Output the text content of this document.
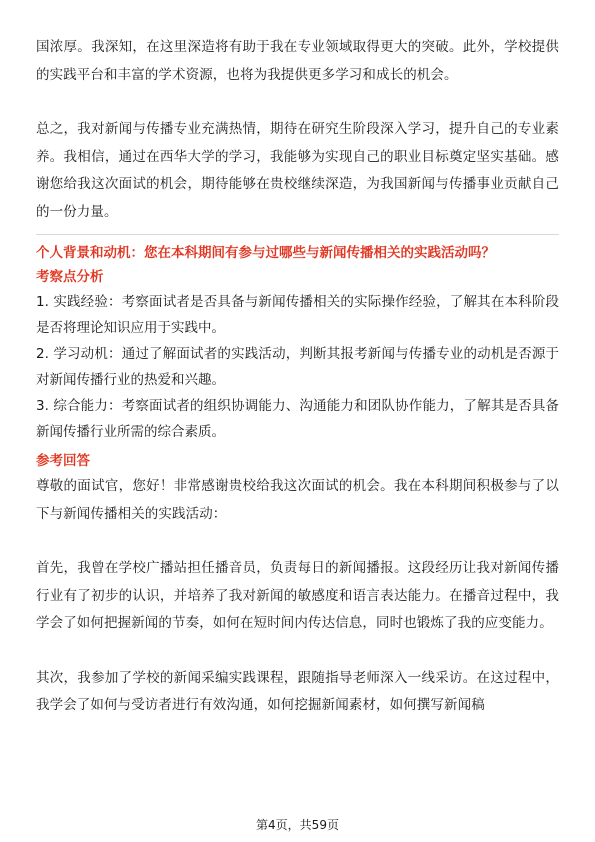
国浓厚。我深知，在这里深造将有助于我在专业领域取得更大的突破。此外，学校提供的实践平台和丰富的学术资源，也将为我提供更多学习和成长的机会。

总之，我对新闻与传播专业充满热情，期待在研究生阶段深入学习，提升自己的专业素养。我相信，通过在西华大学的学习，我能够为实现自己的职业目标奠定坚实基础。感谢您给我这次面试的机会，期待能够在贵校继续深造，为我国新闻与传播事业贡献自己的一份力量。

个人背景和动机：您在本科期间有参与过哪些与新闻传播相关的实践活动吗？

考察点分析

1. 实践经验：考察面试者是否具备与新闻传播相关的实际操作经验，了解其在本科阶段是否将理论知识应用于实践中。

2. 学习动机：通过了解面试者的实践活动，判断其报考新闻与传播专业的动机是否源于对新闻传播行业的热爱和兴趣。

3. 综合能力：考察面试者的组织协调能力、沟通能力和团队协作能力，了解其是否具备新闻传播行业所需的综合素质。

参考回答

尊敬的面试官，您好！非常感谢贵校给我这次面试的机会。我在本科期间积极参与了以下与新闻传播相关的实践活动：

首先，我曾在学校广播站担任播音员，负责每日的新闻播报。这段经历让我对新闻传播行业有了初步的认识，并培养了我对新闻的敏感度和语言表达能力。在播音过程中，我学会了如何把握新闻的节奏，如何在短时间内传达信息，同时也锻炼了我的应变能力。

其次，我参加了学校的新闻采编实践课程，跟随指导老师深入一线采访。在这过程中，我学会了如何与受访者进行有效沟通，如何挖掘新闻素材，如何撰写新闻稿

第4页，共59页
